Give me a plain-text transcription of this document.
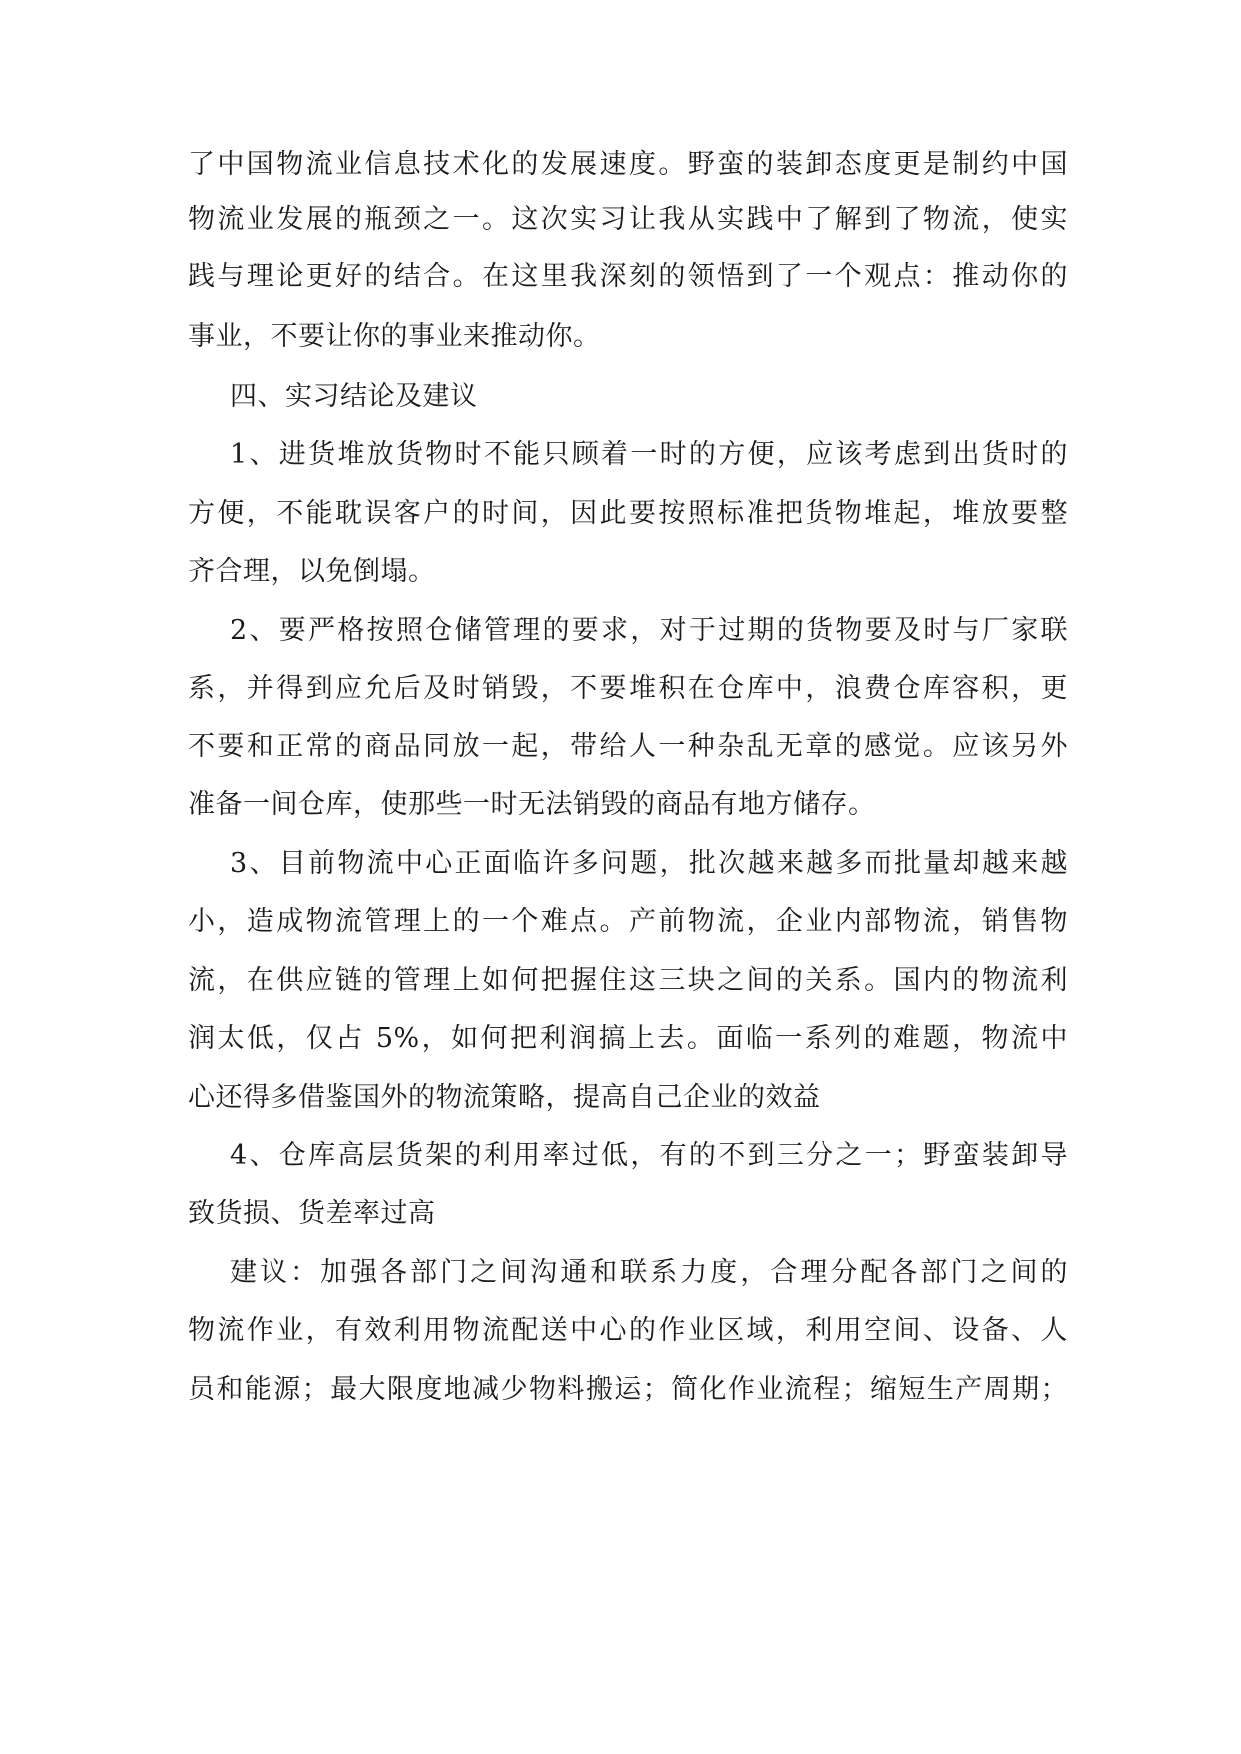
了中国物流业信息技术化的发展速度。野蛮的装卸态度更是制约中国
物流业发展的瓶颈之一。这次实习让我从实践中了解到了物流，使实
践与理论更好的结合。在这里我深刻的领悟到了一个观点：推动你的
事业，不要让你的事业来推动你。
四、实习结论及建议
1、进货堆放货物时不能只顾着一时的方便，应该考虑到出货时的
方便，不能耽误客户的时间，因此要按照标准把货物堆起，堆放要整
齐合理，以免倒塌。
2、要严格按照仓储管理的要求，对于过期的货物要及时与厂家联
系，并得到应允后及时销毁，不要堆积在仓库中，浪费仓库容积，更
不要和正常的商品同放一起，带给人一种杂乱无章的感觉。应该另外
准备一间仓库，使那些一时无法销毁的商品有地方储存。
3、目前物流中心正面临许多问题，批次越来越多而批量却越来越
小，造成物流管理上的一个难点。产前物流，企业内部物流，销售物
流，在供应链的管理上如何把握住这三块之间的关系。国内的物流利
润太低，仅占 5%，如何把利润搞上去。面临一系列的难题，物流中
心还得多借鉴国外的物流策略，提高自己企业的效益
4、仓库高层货架的利用率过低，有的不到三分之一；野蛮装卸导
致货损、货差率过高
建议：加强各部门之间沟通和联系力度，合理分配各部门之间的
物流作业，有效利用物流配送中心的作业区域，利用空间、设备、人
员和能源；最大限度地减少物料搬运；简化作业流程；缩短生产周期；
